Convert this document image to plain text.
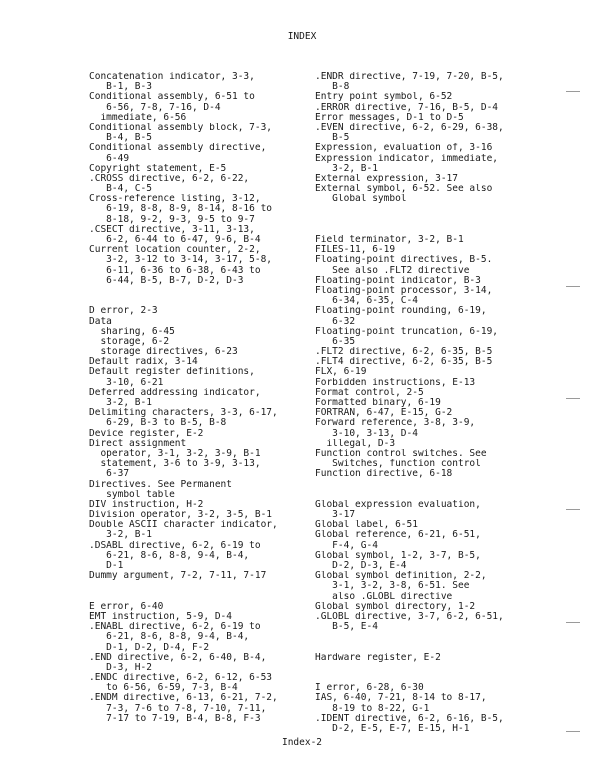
INDEX
Concatenation indicator, 3-3,
B-1, B-3
Conditional assembly, 6-51 to
6-56, 7-8, 7-16, D-4
immediate, 6-56
Conditional assembly block, 7-3,
B-4, B-5
Conditional assembly directive,
6-49
Copyright statement, E-5
.CROSS directive, 6-2, 6-22,
B-4, C-5
Cross-reference listing, 3-12,
6-19, 8-8, 8-9, 8-14, 8-16 to
8-18, 9-2, 9-3, 9-5 to 9-7
.CSECT directive, 3-11, 3-13,
6-2, 6-44 to 6-47, 9-6, B-4
Current location counter, 2-2,
3-2, 3-12 to 3-14, 3-17, 5-8,
6-11, 6-36 to 6-38, 6-43 to
6-44, B-5, B-7, D-2, D-3
D error, 2-3
Data
sharing, 6-45
storage, 6-2
storage directives, 6-23
Default radix, 3-14
Default register definitions,
3-10, 6-21
Deferred addressing indicator,
3-2, B-1
Delimiting characters, 3-3, 6-17,
6-29, B-3 to B-5, B-8
Device register, E-2
Direct assignment
operator, 3-1, 3-2, 3-9, B-1
statement, 3-6 to 3-9, 3-13,
6-37
Directives. See Permanent
symbol table
DIV instruction, H-2
Division operator, 3-2, 3-5, B-1
Double ASCII character indicator,
3-2, B-1
.DSABL directive, 6-2, 6-19 to
6-21, 8-6, 8-8, 9-4, B-4,
D-1
Dummy argument, 7-2, 7-11, 7-17
E error, 6-40
EMT instruction, 5-9, D-4
.ENABL directive, 6-2, 6-19 to
6-21, 8-6, 8-8, 9-4, B-4,
D-1, D-2, D-4, F-2
.END directive, 6-2, 6-40, B-4,
D-3, H-2
.ENDC directive, 6-2, 6-12, 6-53
to 6-56, 6-59, 7-3, B-4
.ENDM directive, 6-13, 6-21, 7-2,
7-3, 7-6 to 7-8, 7-10, 7-11,
7-17 to 7-19, B-4, B-8, F-3
.ENDR directive, 7-19, 7-20, B-5,
B-8
Entry point symbol, 6-52
.ERROR directive, 7-16, B-5, D-4
Error messages, D-1 to D-5
.EVEN directive, 6-2, 6-29, 6-38,
B-5
Expression, evaluation of, 3-16
Expression indicator, immediate,
3-2, B-1
External expression, 3-17
External symbol, 6-52. See also
Global symbol
Field terminator, 3-2, B-1
FILES-11, 6-19
Floating-point directives, B-5.
See also .FLT2 directive
Floating-point indicator, B-3
Floating-point processor, 3-14,
6-34, 6-35, C-4
Floating-point rounding, 6-19,
6-32
Floating-point truncation, 6-19,
6-35
.FLT2 directive, 6-2, 6-35, B-5
.FLT4 directive, 6-2, 6-35, B-5
FLX, 6-19
Forbidden instructions, E-13
Format control, 2-5
Formatted binary, 6-19
FORTRAN, 6-47, E-15, G-2
Forward reference, 3-8, 3-9,
3-10, 3-13, D-4
illegal, D-3
Function control switches. See
Switches, function control
Function directive, 6-18
Global expression evaluation,
3-17
Global label, 6-51
Global reference, 6-21, 6-51,
F-4, G-4
Global symbol, 1-2, 3-7, B-5,
D-2, D-3, E-4
Global symbol definition, 2-2,
3-1, 3-2, 3-8, 6-51. See
also .GLOBL directive
Global symbol directory, 1-2
.GLOBL directive, 3-7, 6-2, 6-51,
B-5, E-4
Hardware register, E-2
I error, 6-28, 6-30
IAS, 6-40, 7-21, 8-14 to 8-17,
8-19 to 8-22, G-1
.IDENT directive, 6-2, 6-16, B-5,
D-2, E-5, E-7, E-15, H-1
Index-2
